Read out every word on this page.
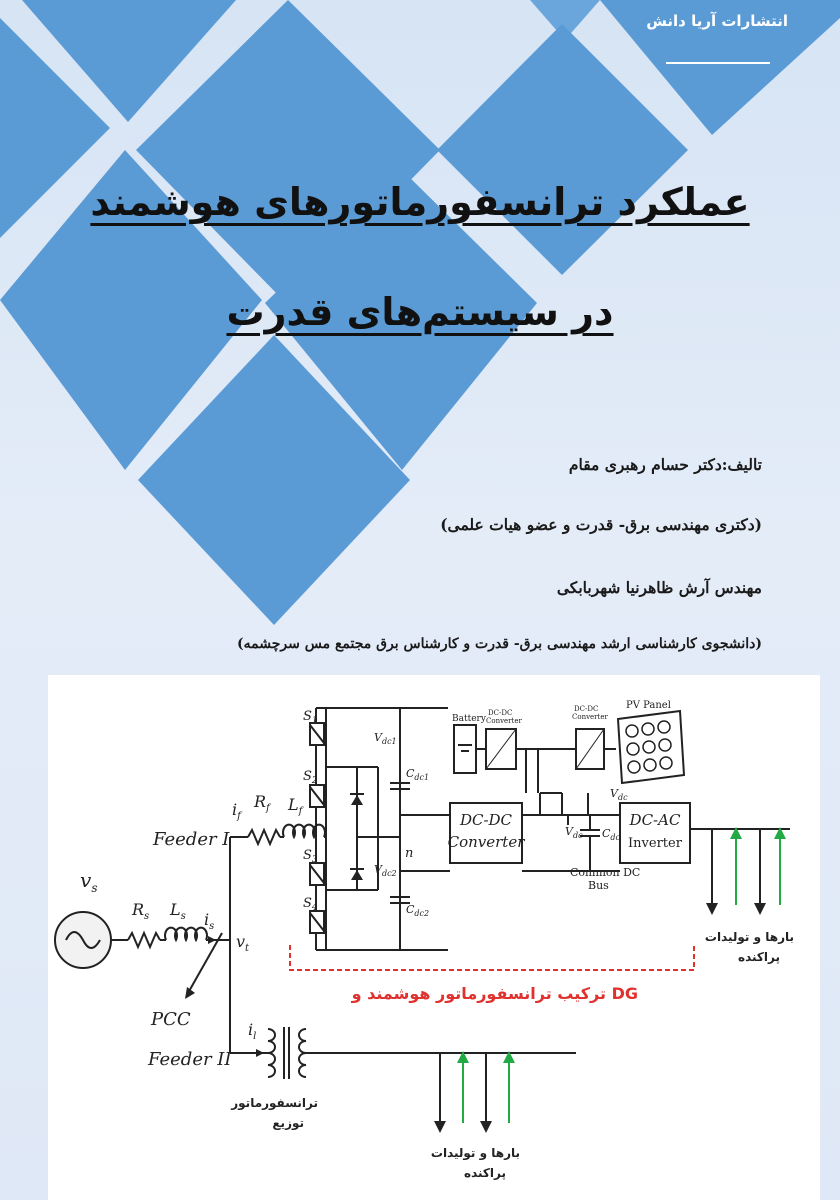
انتشارات آریا دانش
عملکرد ترانسفورماتورهای هوشمند
در سیستم‌های قدرت
تالیف:دکتر حسام رهبری مقام
(دکتری مهندسی برق- قدرت و عضو هیات علمی)
مهندس آرش ظاهرنیا شهربابکی
(دانشجوی کارشناسی ارشد مهندسی برق- قدرت و کارشناس برق مجتمع مس سرچشمه)
$v_s$
$R_s$ $L_s$ $i_s$
$v_t$
PCC
Feeder I
$R_f$
$i_f$
$L_f$
$S_1$
$S_2$
$S_3$
$S_4$
$V_{dc1}$
$C_{dc1}$
n
$V_{dc2}$
$C_{dc2}$
DC-DC
Converter
$V_{dc}$ $C_{dc}$
Common DC
Bus
DC-AC
Inverter
$V_{dc}$
Battery
DC-DC
Converter
DC-DC
Converter
PV Panel
بارها و تولیدات
پراکنده
ترکیب ترانسفورماتور هوشمند و DG
Feeder II
$i_l$
ترانسفورماتور
توزیع
بارها و تولیدات
پراکنده
